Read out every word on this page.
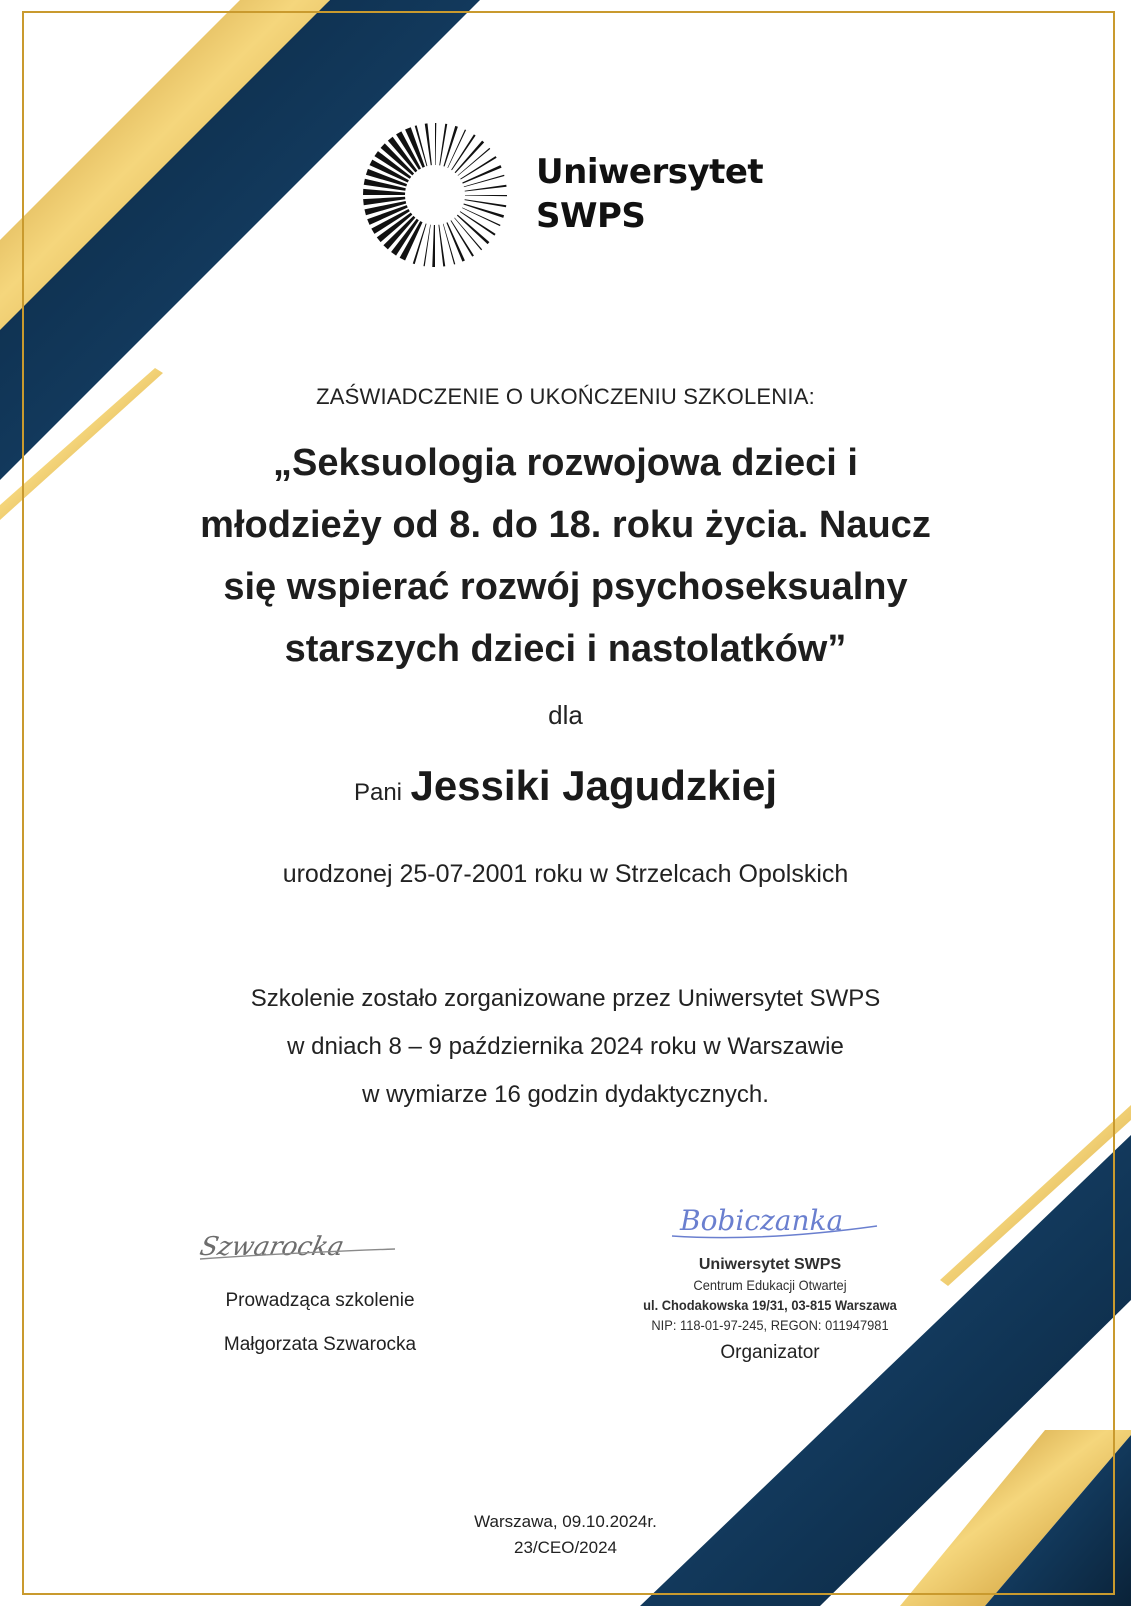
Uniwersytet
SWPS
ZAŚWIADCZENIE O UKOŃCZENIU SZKOLENIA:
„Seksuologia rozwojowa dzieci i
młodzieży od 8. do 18. roku życia. Naucz
się wspierać rozwój psychoseksualny
starszych dzieci i nastolatków”
dla
Pani Jessiki Jagudzkiej
urodzonej 25-07-2001 roku w Strzelcach Opolskich
Szkolenie zostało zorganizowane przez Uniwersytet SWPS
w dniach 8 – 9 października 2024 roku w Warszawie
w wymiarze 16 godzin dydaktycznych.
Szwarocka
Prowadząca szkolenie
Małgorzata Szwarocka
Bobiczanka
Uniwersytet SWPS
Centrum Edukacji Otwartej
ul. Chodakowska 19/31, 03-815 Warszawa
NIP: 118-01-97-245, REGON: 011947981
Organizator
Warszawa, 09.10.2024r.
23/CEO/2024
